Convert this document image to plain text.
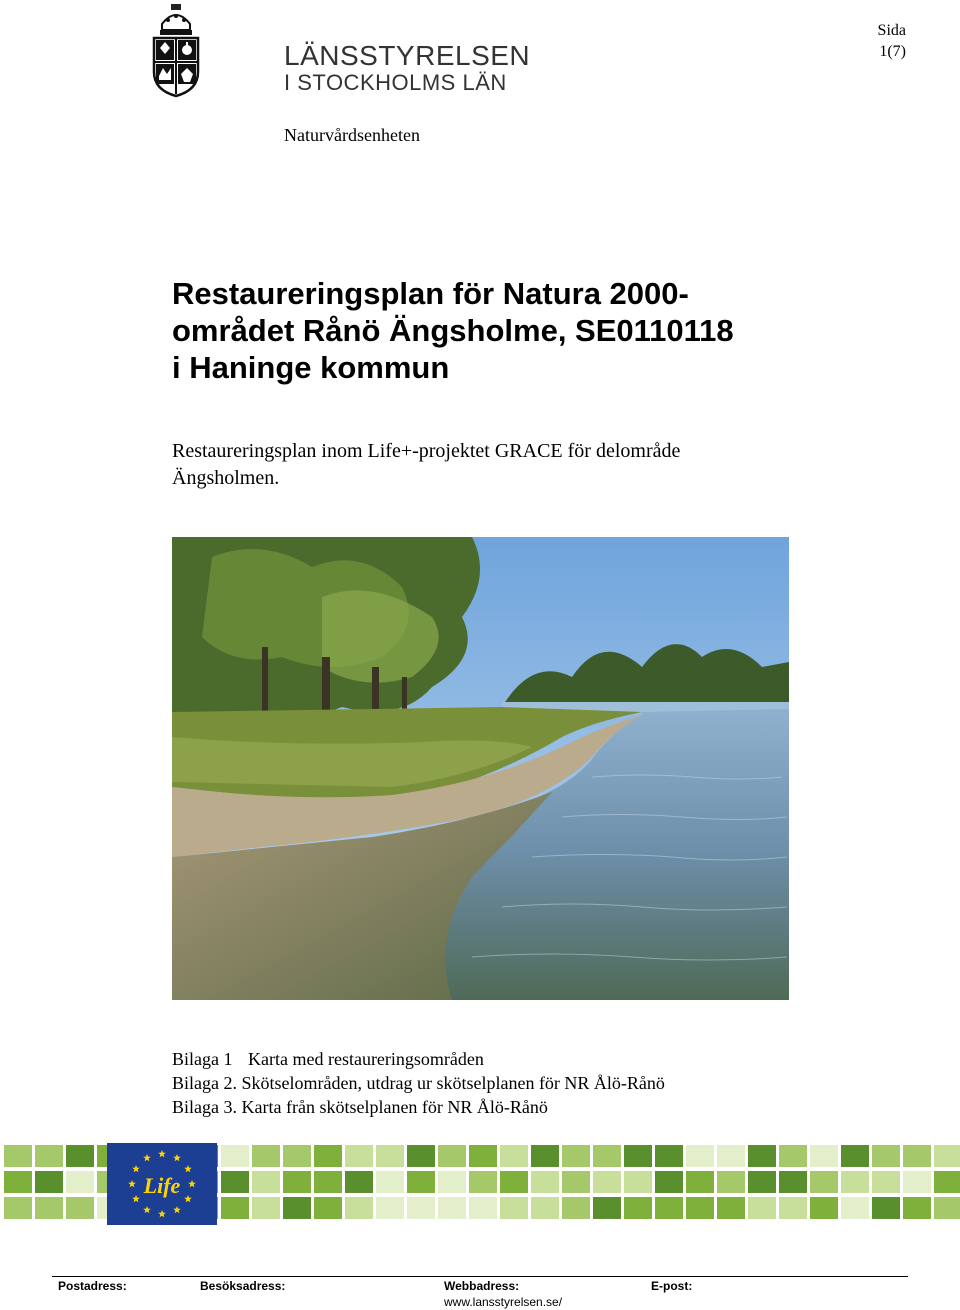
LÄNSSTYRELSEN
I STOCKHOLMS LÄN
Sida
1(7)
Naturvårdsenheten
Restaureringsplan för Natura 2000-
området Rånö Ängsholme, SE0110118
i Haninge kommun
Restaureringsplan inom Life+-projektet GRACE för delområde
Ängsholmen.
Bilaga 1 Karta med restaureringsområden
Bilaga 2. Skötselområden, utdrag ur skötselplanen för NR Ålö-Rånö
Bilaga 3. Karta från skötselplanen för NR Ålö-Rånö
Life
Postadress:	Besöksadress:	Webbadress:	E-post:
www.lansstyrelsen.se/
